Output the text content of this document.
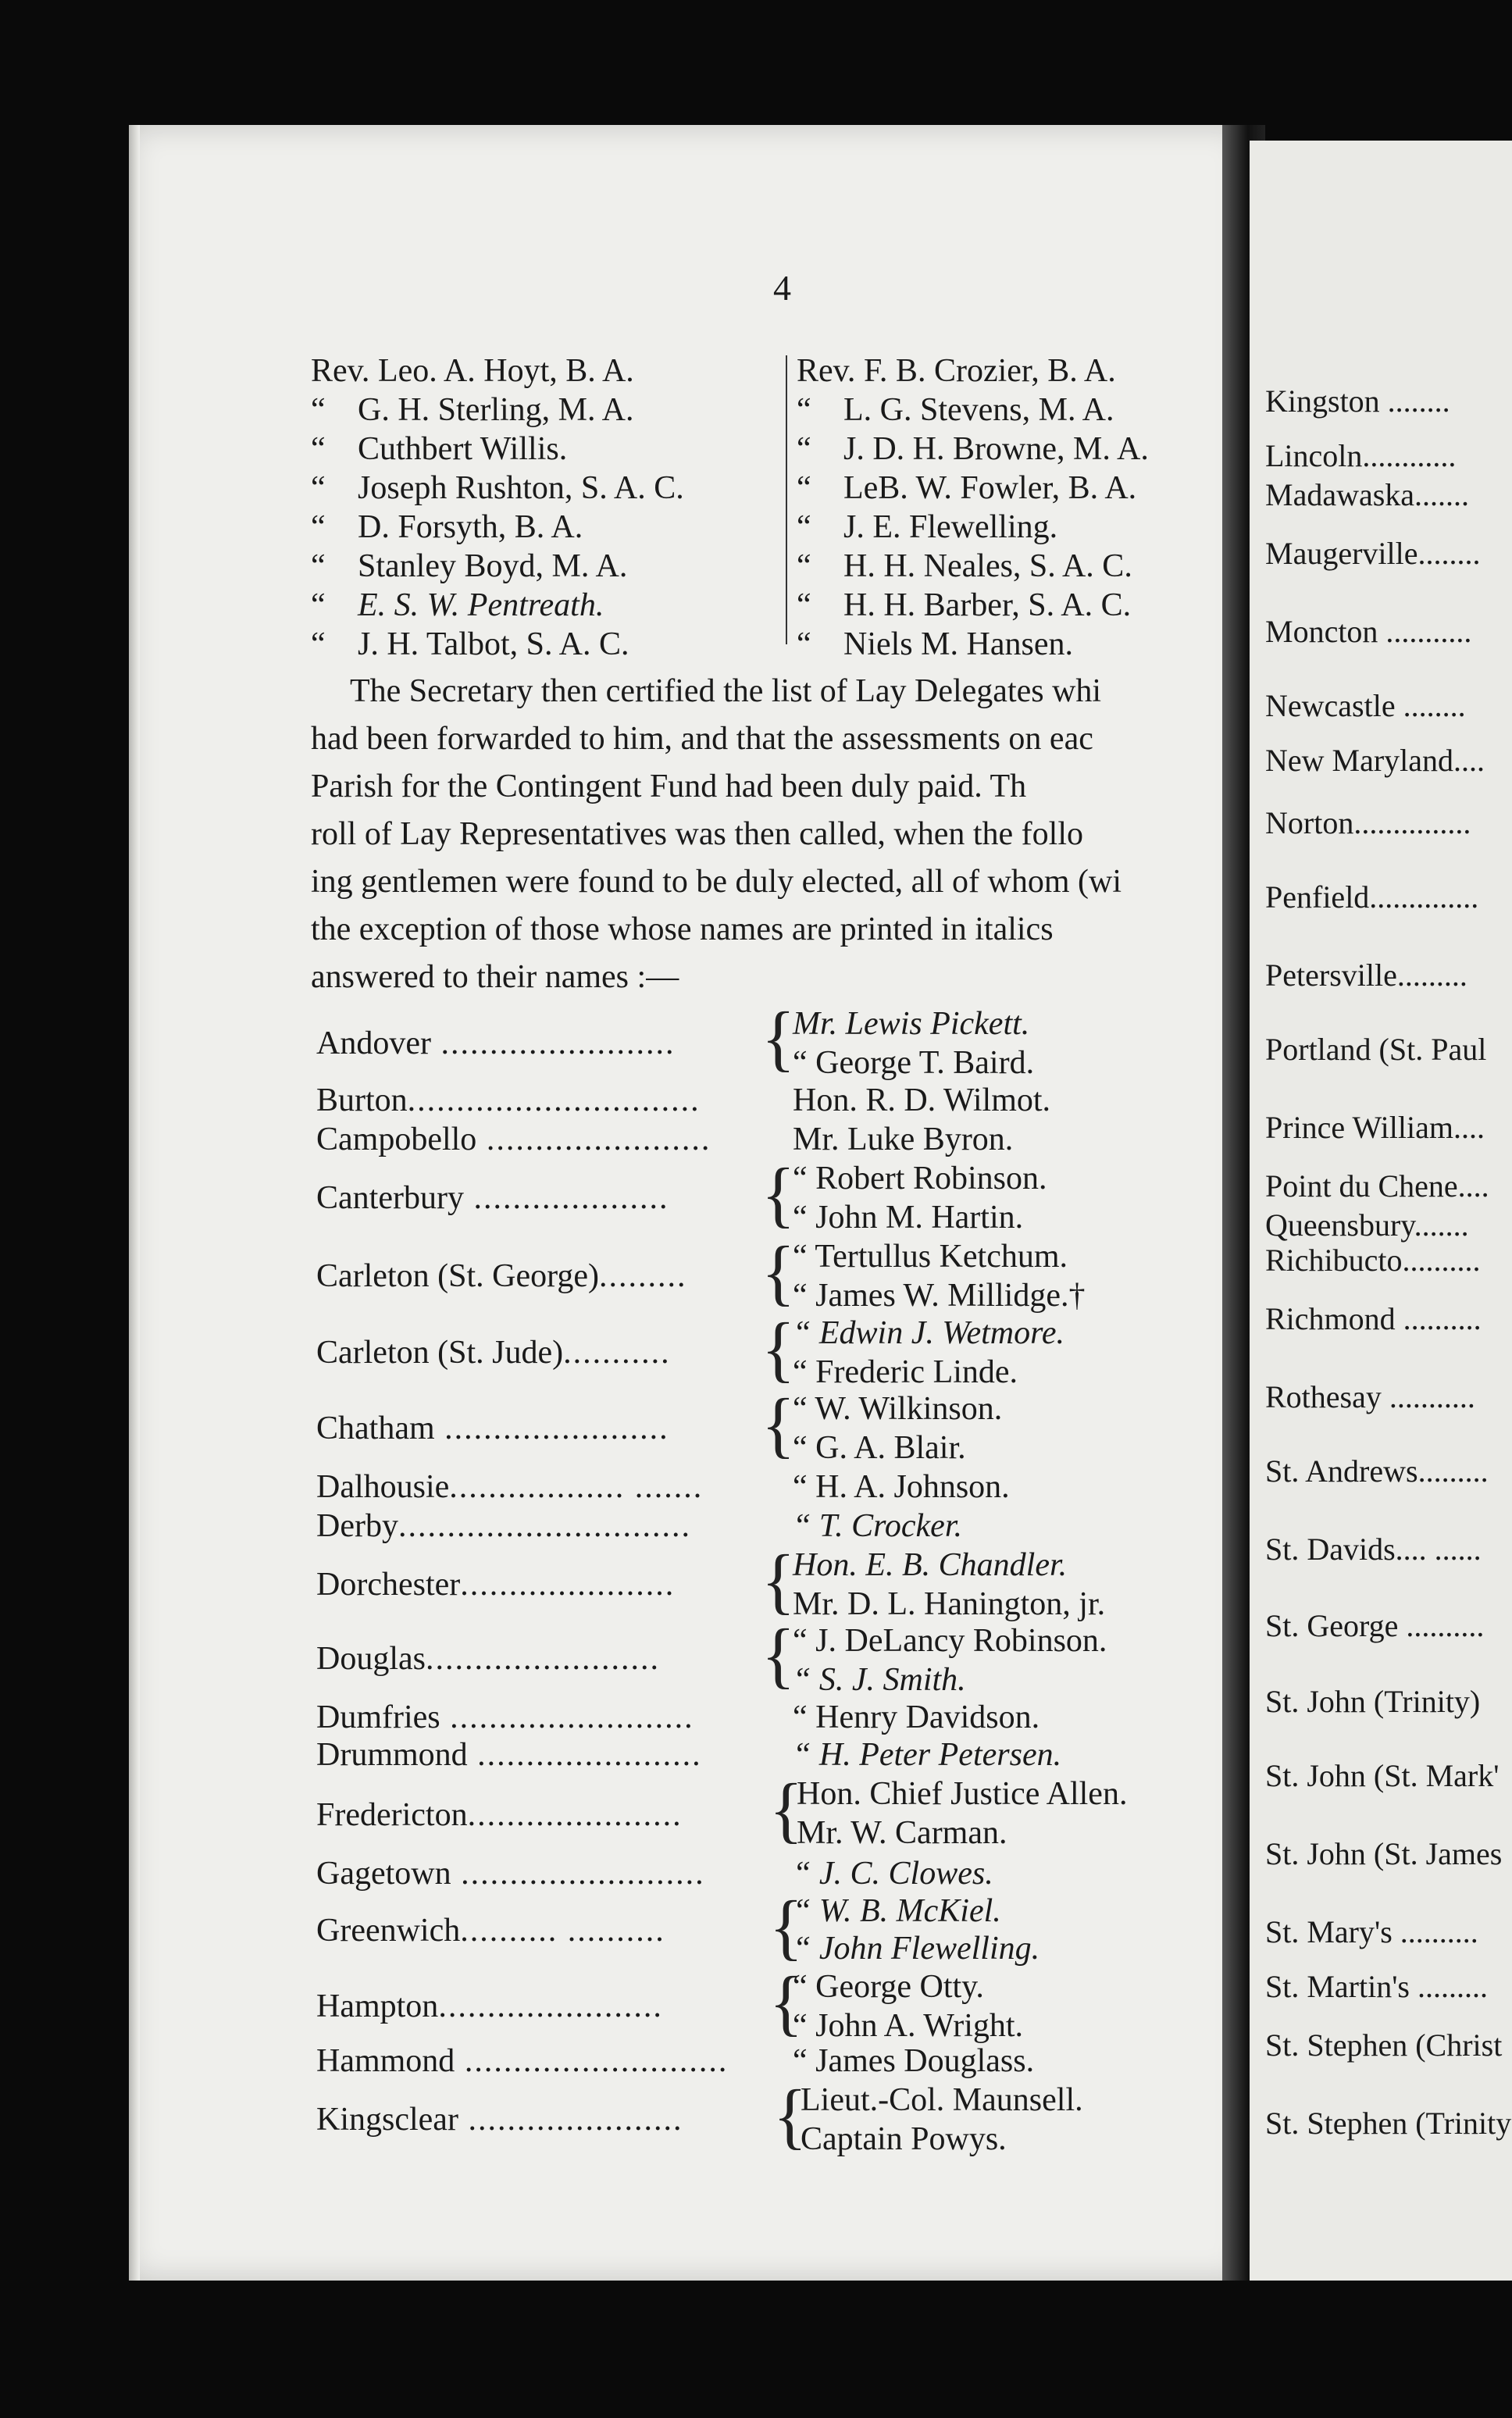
4
Rev. Leo. A. Hoyt, B. A.
“ G. H. Sterling, M. A.
“ Cuthbert Willis.
“ Joseph Rushton, S. A. C.
“ D. Forsyth, B. A.
“ Stanley Boyd, M. A.
“ E. S. W. Pentreath.
“ J. H. Talbot, S. A. C.
Rev. F. B. Crozier, B. A.
“ L. G. Stevens, M. A.
“ J. D. H. Browne, M. A.
“ LeB. W. Fowler, B. A.
“ J. E. Flewelling.
“ H. H. Neales, S. A. C.
“ H. H. Barber, S. A. C.
“ Niels M. Hansen.
The Secretary then certified the list of Lay Delegates whi
had been forwarded to him, and that the assessments on eac
Parish for the Contingent Fund had been duly paid. Th
roll of Lay Representatives was then called, when the follo
ing gentlemen were found to be duly elected, all of whom (wi
the exception of those whose names are printed in italics
answered to their names :—
Andover ........................
Burton..............................
Campobello .......................
Canterbury ....................
Carleton (St. George).........
Carleton (St. Jude)...........
Chatham .......................
Dalhousie.................. .......
Derby..............................
Dorchester......................
Douglas........................
Dumfries .........................
Drummond .......................
Fredericton......................
Gagetown .........................
Greenwich.......... ..........
Hampton.......................
Hammond ...........................
Kingsclear ......................
{
{
{
{
{
{
{
{
{
{
{
Mr. Lewis Pickett.
“ George T. Baird.
Hon. R. D. Wilmot.
Mr. Luke Byron.
“ Robert Robinson.
“ John M. Hartin.
“ Tertullus Ketchum.
“ James W. Millidge.†
“ Edwin J. Wetmore.
“ Frederic Linde.
“ W. Wilkinson.
“ G. A. Blair.
“ H. A. Johnson.
“ T. Crocker.
Hon. E. B. Chandler.
Mr. D. L. Hanington, jr.
“ J. DeLancy Robinson.
“ S. J. Smith.
“ Henry Davidson.
“ H. Peter Petersen.
Hon. Chief Justice Allen.
Mr. W. Carman.
“ J. C. Clowes.
“ W. B. McKiel.
“ John Flewelling.
“ George Otty.
“ John A. Wright.
“ James Douglass.
Lieut.-Col. Maunsell.
Captain Powys.
Kingston ........
Lincoln............
Madawaska.......
Maugerville........
Moncton ...........
Newcastle ........
New Maryland....
Norton...............
Penfield..............
Petersville.........
Portland (St. Paul
Prince William....
Point du Chene....
Queensbury.......
Richibucto..........
Richmond ..........
Rothesay ...........
St. Andrews.........
St. Davids.... ......
St. George ..........
St. John (Trinity)
St. John (St. Mark'
St. John (St. James
St. Mary's ..........
St. Martin's .........
St. Stephen (Christ
St. Stephen (Trinity
